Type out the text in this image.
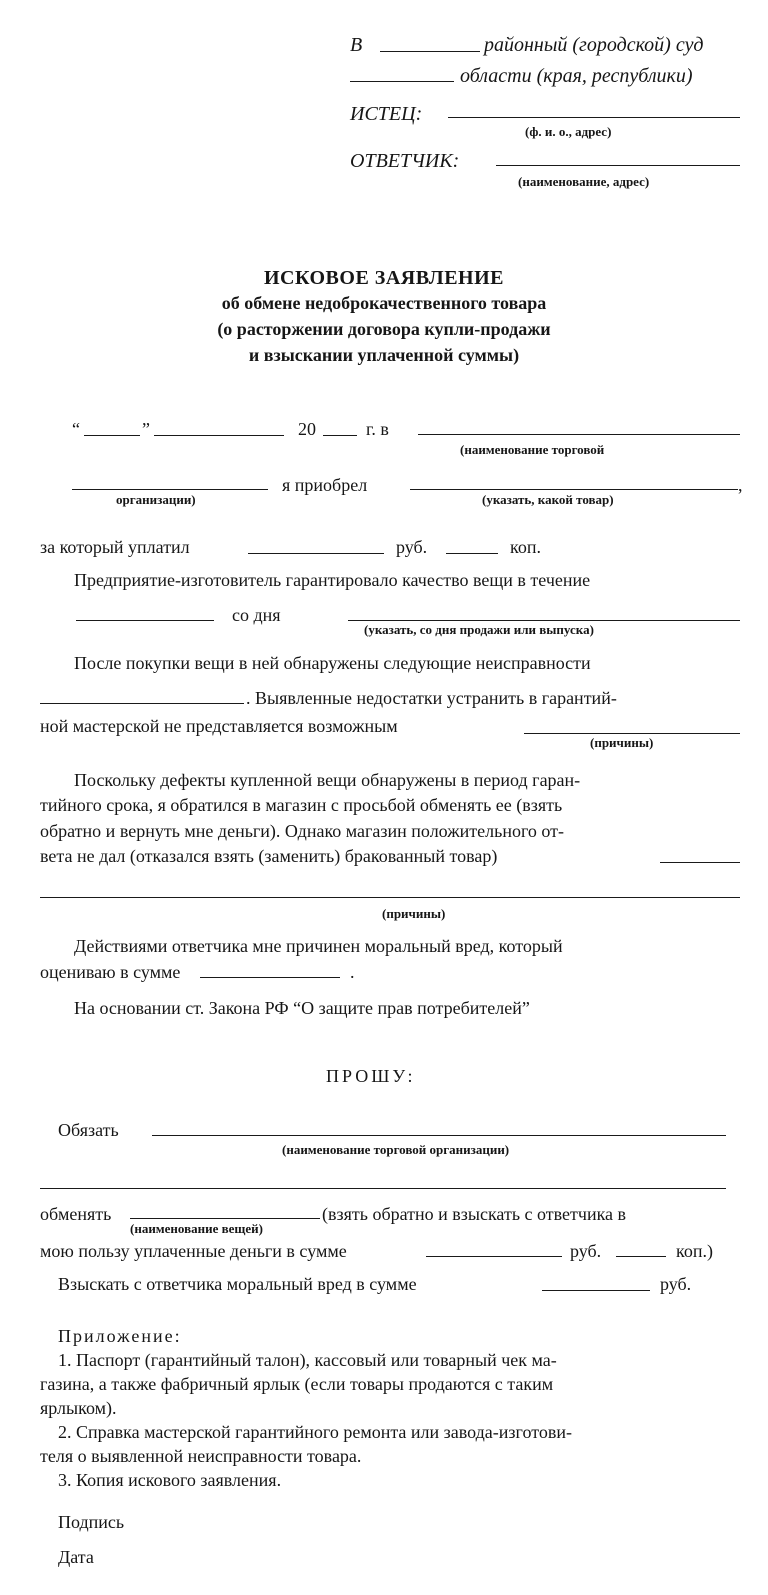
В	районный (городской) суд
области (края, республики)
ИСТЕЦ:
(ф. и. о., адрес)
ОТВЕТЧИК:
(наименование, адрес)
ИСКОВОЕ ЗАЯВЛЕНИЕ
об обмене недоброкачественного товара
(о расторжении договора купли-продажи
и взыскании уплаченной суммы)
“	”	20	г. в
(наименование торговой
организации)
я приобрел	,
(указать, какой товар)
за который уплатил	руб.	коп.
Предприятие-изготовитель гарантировало качество вещи в течение
со дня
(указать, со дня продажи или выпуска)
После покупки вещи в ней обнаружены следующие неисправности
. Выявленные недостатки устранить в гарантий-
ной мастерской не представляется возможным
(причины)
Поскольку дефекты купленной вещи обнаружены в период гаран-
тийного срока, я обратился в магазин с просьбой обменять ее (взять
обратно и вернуть мне деньги). Однако магазин положительного от-
вета не дал (отказался взять (заменить) бракованный товар)
(причины)
Действиями ответчика мне причинен моральный вред, который
оцениваю в сумме	.
На основании ст. Закона РФ “О защите прав потребителей”
ПРОШУ:
Обязать
(наименование торговой организации)
обменять
(наименование вещей)
(взять обратно и взыскать с ответчика в
мою пользу уплаченные деньги в сумме	руб.	коп.)
Взыскать с ответчика моральный вред в сумме	руб.
Приложение:
1. Паспорт (гарантийный талон), кассовый или товарный чек ма-
газина, а также фабричный ярлык (если товары продаются с таким
ярлыком).
2. Справка мастерской гарантийного ремонта или завода-изготови-
теля о выявленной неисправности товара.
3. Копия искового заявления.
Подпись
Дата
